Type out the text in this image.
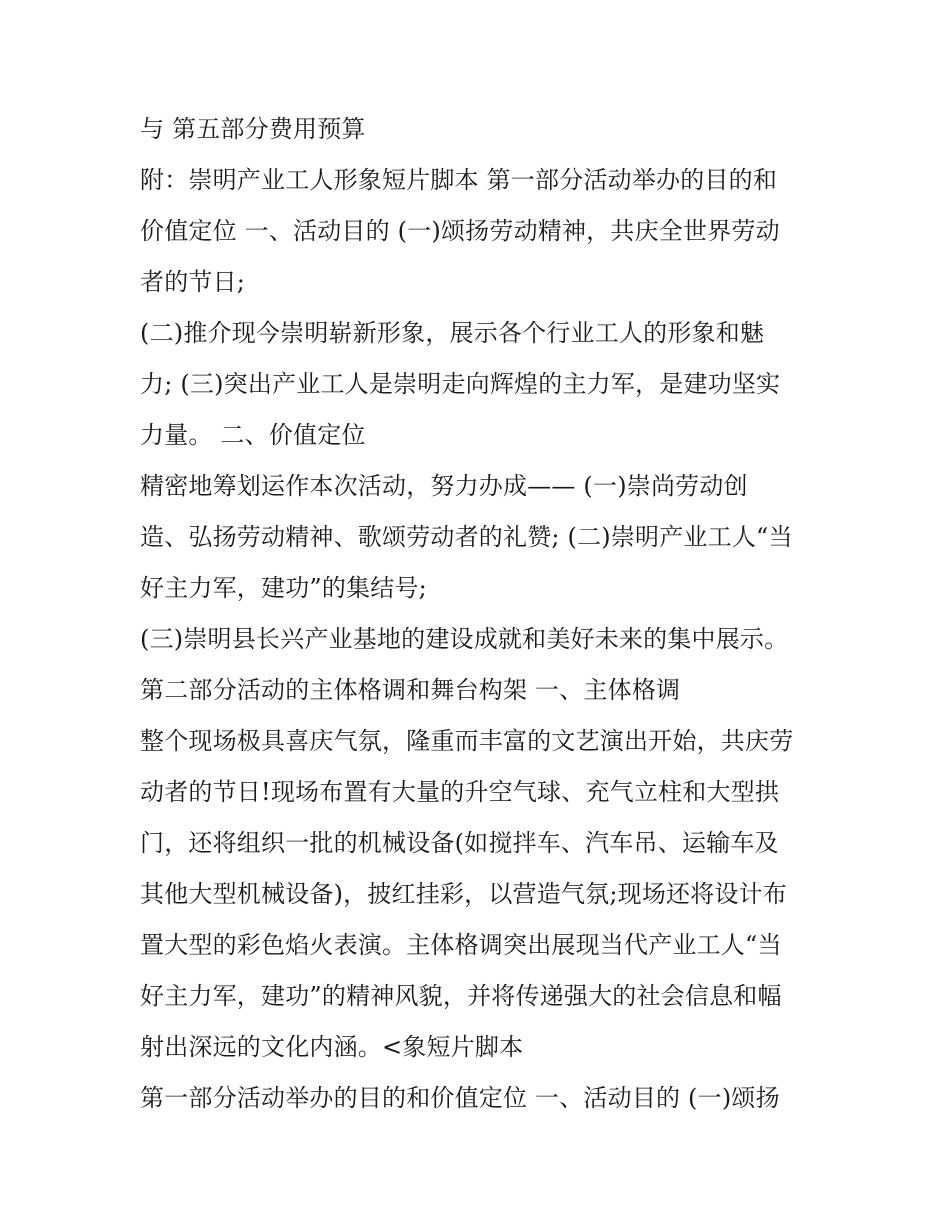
与 第五部分费用预算
附：崇明产业工人形象短片脚本 第一部分活动举办的目的和
价值定位 一、活动目的 (一)颂扬劳动精神，共庆全世界劳动
者的节日;
(二)推介现今崇明崭新形象，展示各个行业工人的形象和魅
力; (三)突出产业工人是崇明走向辉煌的主力军，是建功坚实
力量。 二、价值定位
精密地筹划运作本次活动，努力办成—— (一)崇尚劳动创
造、弘扬劳动精神、歌颂劳动者的礼赞; (二)崇明产业工人“当
好主力军，建功”的集结号;
(三)崇明县长兴产业基地的建设成就和美好未来的集中展示。
第二部分活动的主体格调和舞台构架 一、主体格调
整个现场极具喜庆气氛，隆重而丰富的文艺演出开始，共庆劳
动者的节日!现场布置有大量的升空气球、充气立柱和大型拱
门，还将组织一批的机械设备(如搅拌车、汽车吊、运输车及
其他大型机械设备)，披红挂彩，以营造气氛;现场还将设计布
置大型的彩色焰火表演。主体格调突出展现当代产业工人“当
好主力军，建功”的精神风貌，并将传递强大的社会信息和幅
射出深远的文化内涵。<象短片脚本
第一部分活动举办的目的和价值定位 一、活动目的 (一)颂扬
